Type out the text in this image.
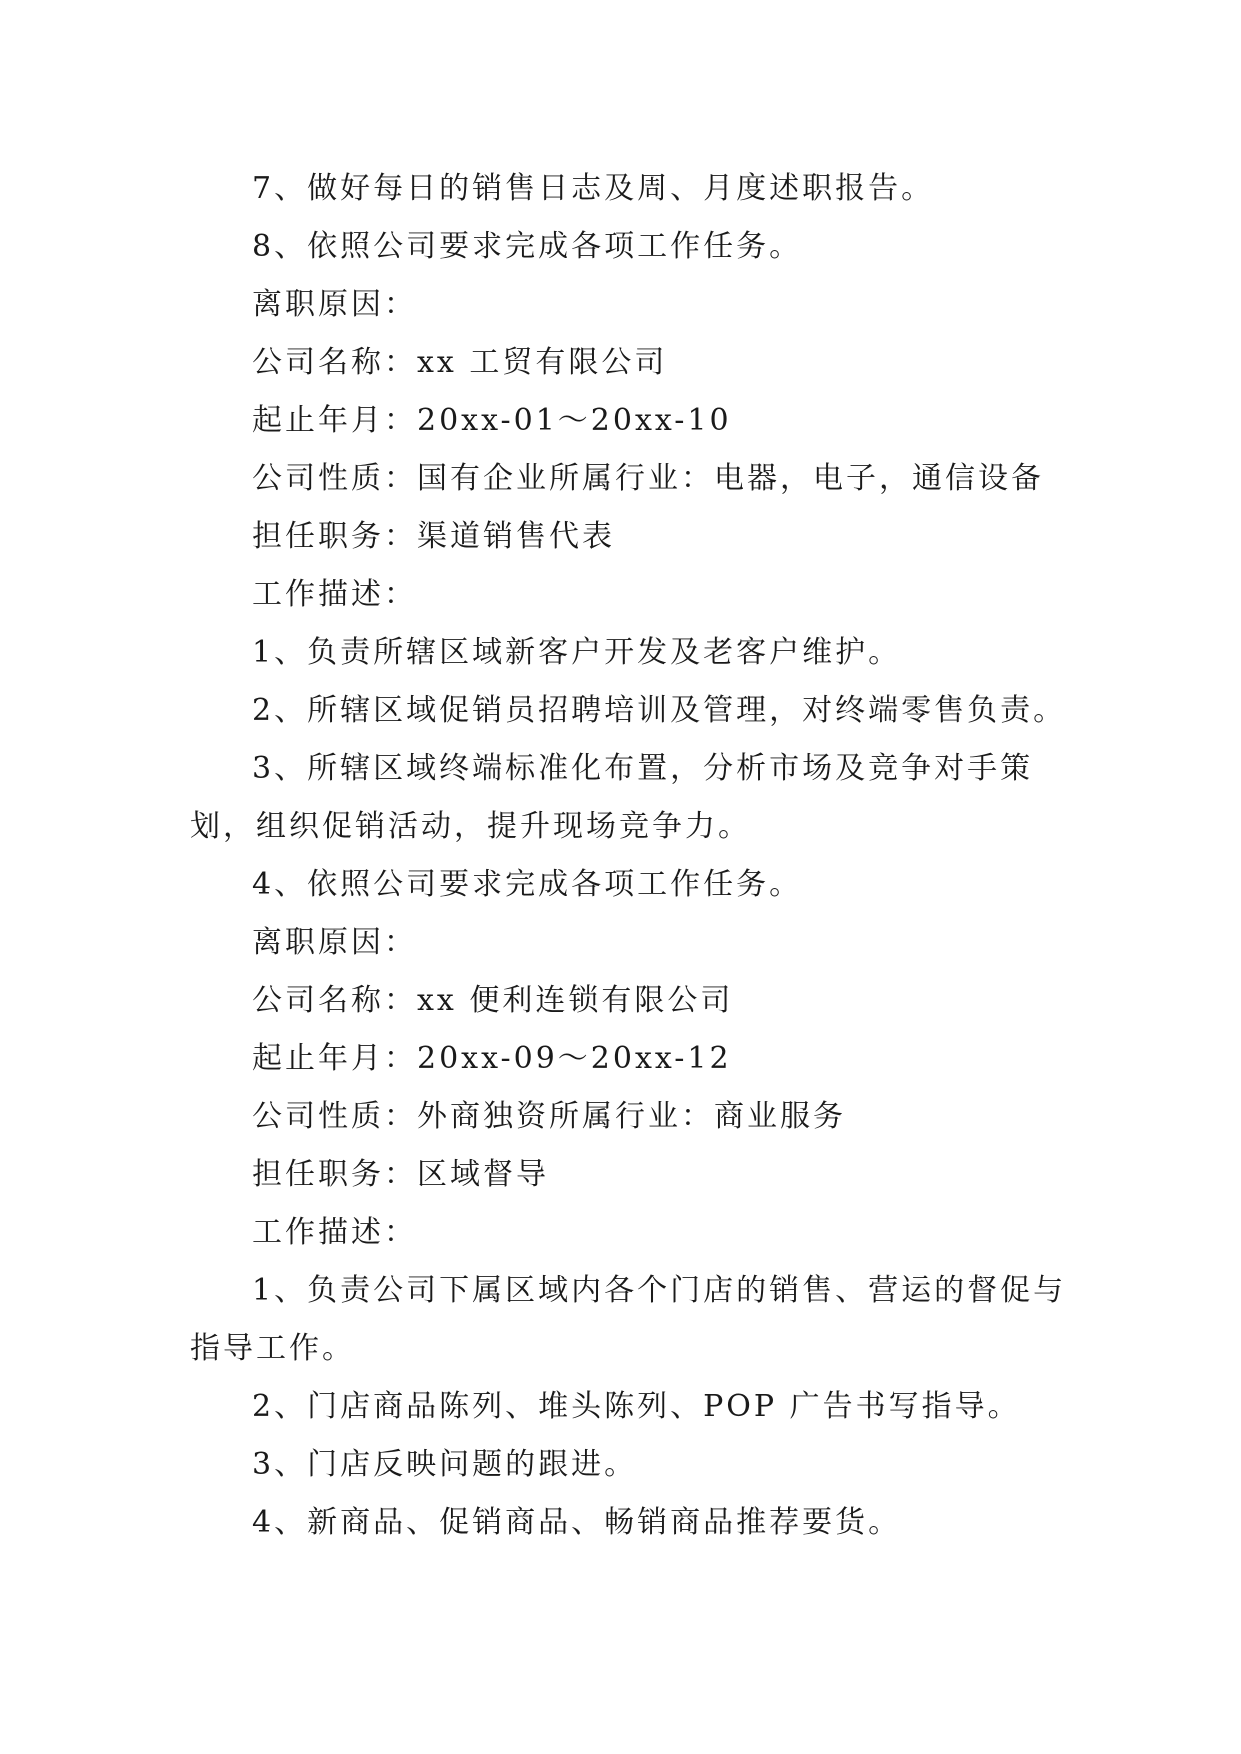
7、做好每日的销售日志及周、月度述职报告。

8、依照公司要求完成各项工作任务。

离职原因：

公司名称：xx 工贸有限公司

起止年月：20xx-01～20xx-10

公司性质：国有企业所属行业：电器，电子，通信设备

担任职务：渠道销售代表

工作描述：

1、负责所辖区域新客户开发及老客户维护。

2、所辖区域促销员招聘培训及管理，对终端零售负责。

3、所辖区域终端标准化布置，分析市场及竞争对手策划，组织促销活动，提升现场竞争力。

4、依照公司要求完成各项工作任务。

离职原因：

公司名称：xx 便利连锁有限公司

起止年月：20xx-09～20xx-12

公司性质：外商独资所属行业：商业服务

担任职务：区域督导

工作描述：

1、负责公司下属区域内各个门店的销售、营运的督促与指导工作。

2、门店商品陈列、堆头陈列、POP 广告书写指导。

3、门店反映问题的跟进。

4、新商品、促销商品、畅销商品推荐要货。
